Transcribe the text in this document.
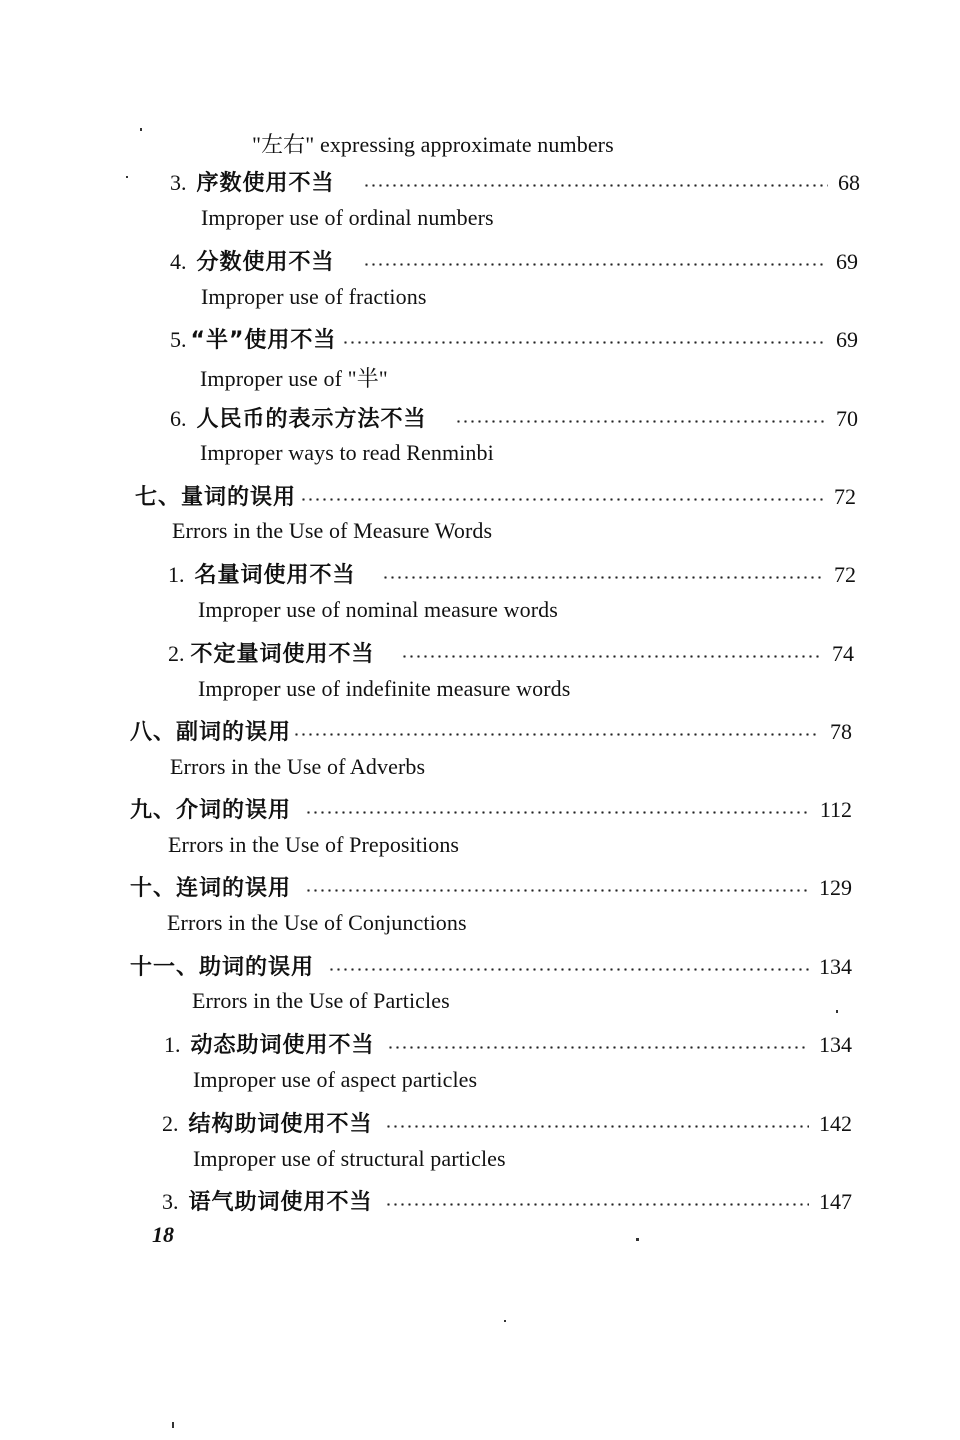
"左右" expressing approximate numbers
3. 序数使用不当	68
Improper use of ordinal numbers
4. 分数使用不当	69
Improper use of fractions
5. “半”使用不当	69
Improper use of "半"
6. 人民币的表示方法不当	70
Improper ways to read Renminbi
七、 量词的误用	72
Errors in the Use of Measure Words
1. 名量词使用不当	72
Improper use of nominal measure words
2. 不定量词使用不当	74
Improper use of indefinite measure words
八、 副词的误用	78
Errors in the Use of Adverbs
九、 介词的误用	112
Errors in the Use of Prepositions
十、 连词的误用	129
Errors in the Use of Conjunctions
十一、 助词的误用	134
Errors in the Use of Particles
1. 动态助词使用不当	134
Improper use of aspect particles
2. 结构助词使用不当	142
Improper use of structural particles
3. 语气助词使用不当	147
18
